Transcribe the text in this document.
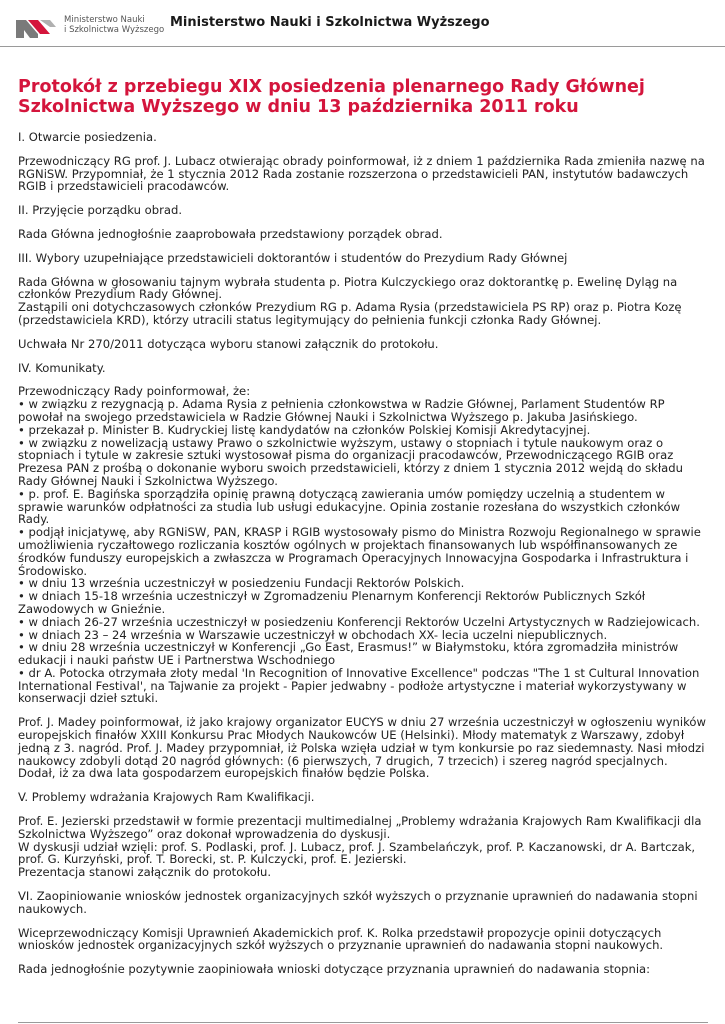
Ministerstwo Nauki
i Szkolnictwa Wyższego Ministerstwo Nauki i Szkolnictwa Wyższego
Protokół z przebiegu XIX posiedzenia plenarnego Rady Głównej Szkolnictwa Wyższego w dniu 13 października 2011 roku
I. Otwarcie posiedzenia.
Przewodniczący RG prof. J. Lubacz otwierając obrady poinformował, iż z dniem 1 października Rada zmieniła nazwę na RGNiSW. Przypomniał, że 1 stycznia 2012 Rada zostanie rozszerzona o przedstawicieli PAN, instytutów badawczych RGIB i przedstawicieli pracodawców.
II. Przyjęcie porządku obrad.
Rada Główna jednogłośnie zaaprobowała przedstawiony porządek obrad.
III. Wybory uzupełniające przedstawicieli doktorantów i studentów do Prezydium Rady Głównej
Rada Główna w głosowaniu tajnym wybrała studenta p. Piotra Kulczyckiego oraz doktorantkę p. Ewelinę Dyląg na członków Prezydium Rady Głównej.
Zastąpili oni dotychczasowych członków Prezydium RG p. Adama Rysia (przedstawiciela PS RP) oraz p. Piotra Kozę (przedstawiciela KRD), którzy utracili status legitymujący do pełnienia funkcji członka Rady Głównej.
Uchwała Nr 270/2011 dotycząca wyboru stanowi załącznik do protokołu.
IV. Komunikaty.
Przewodniczący Rady poinformował, że:
• w związku z rezygnacją p. Adama Rysia z pełnienia członkowstwa w Radzie Głównej, Parlament Studentów RP powołał na swojego przedstawiciela w Radzie Głównej Nauki i Szkolnictwa Wyższego p. Jakuba Jasińskiego.
• przekazał p. Minister B. Kudryckiej listę kandydatów na członków Polskiej Komisji Akredytacyjnej.
• w związku z nowelizacją ustawy Prawo o szkolnictwie wyższym, ustawy o stopniach i tytule naukowym oraz o stopniach i tytule w zakresie sztuki wystosował pisma do organizacji pracodawców, Przewodniczącego RGIB oraz Prezesa PAN z prośbą o dokonanie wyboru swoich przedstawicieli, którzy z dniem 1 stycznia 2012 wejdą do składu Rady Głównej Nauki i Szkolnictwa Wyższego.
• p. prof. E. Bagińska sporządziła opinię prawną dotyczącą zawierania umów pomiędzy uczelnią a studentem w sprawie warunków odpłatności za studia lub usługi edukacyjne. Opinia zostanie rozesłana do wszystkich członków Rady.
• podjął inicjatywę, aby RGNiSW, PAN, KRASP i RGIB wystosowały pismo do Ministra Rozwoju Regionalnego w sprawie umożliwienia ryczałtowego rozliczania kosztów ogólnych w projektach finansowanych lub współfinansowanych ze środków funduszy europejskich a zwłaszcza w Programach Operacyjnych Innowacyjna Gospodarka i Infrastruktura i Środowisko.
• w dniu 13 września uczestniczył w posiedzeniu Fundacji Rektorów Polskich.
• w dniach 15-18 września uczestniczył w Zgromadzeniu Plenarnym Konferencji Rektorów Publicznych Szkół Zawodowych w Gnieźnie.
• w dniach 26-27 września uczestniczył w posiedzeniu Konferencji Rektorów Uczelni Artystycznych w Radziejowicach.
• w dniach 23 – 24 września w Warszawie uczestniczył w obchodach XX- lecia uczelni niepublicznych.
• w dniu 28 września uczestniczył w Konferencji „Go East, Erasmus!” w Białymstoku, która zgromadziła ministrów edukacji i nauki państw UE i Partnerstwa Wschodniego
• dr A. Potocka otrzymała złoty medal 'In Recognition of Innovative Excellence" podczas "The 1 st Cultural Innovation International Festival', na Tajwanie za projekt - Papier jedwabny - podłoże artystyczne i materiał wykorzystywany w konserwacji dzieł sztuki.
Prof. J. Madey poinformował, iż jako krajowy organizator EUCYS w dniu 27 września uczestniczył w ogłoszeniu wyników europejskich finałów XXIII Konkursu Prac Młodych Naukowców UE (Helsinki). Młody matematyk z Warszawy, zdobył jedną z 3. nagród. Prof. J. Madey przypomniał, iż Polska wzięła udział w tym konkursie po raz siedemnasty. Nasi młodzi naukowcy zdobyli dotąd 20 nagród głównych: (6 pierwszych, 7 drugich, 7 trzecich) i szereg nagród specjalnych. Dodał, iż za dwa lata gospodarzem europejskich finałów będzie Polska.
V. Problemy wdrażania Krajowych Ram Kwalifikacji.
Prof. E. Jezierski przedstawił w formie prezentacji multimedialnej „Problemy wdrażania Krajowych Ram Kwalifikacji dla Szkolnictwa Wyższego” oraz dokonał wprowadzenia do dyskusji.
W dyskusji udział wzięli: prof. S. Podlaski, prof. J. Lubacz, prof. J. Szambelańczyk, prof. P. Kaczanowski, dr A. Bartczak, prof. G. Kurzyński, prof. T. Borecki, st. P. Kulczycki, prof. E. Jezierski.
Prezentacja stanowi załącznik do protokołu.
VI. Zaopiniowanie wniosków jednostek organizacyjnych szkół wyższych o przyznanie uprawnień do nadawania stopni naukowych.
Wiceprzewodniczący Komisji Uprawnień Akademickich prof. K. Rolka przedstawił propozycje opinii dotyczących wniosków jednostek organizacyjnych szkół wyższych o przyznanie uprawnień do nadawania stopni naukowych.
Rada jednogłośnie pozytywnie zaopiniowała wnioski dotyczące przyznania uprawnień do nadawania stopnia:
